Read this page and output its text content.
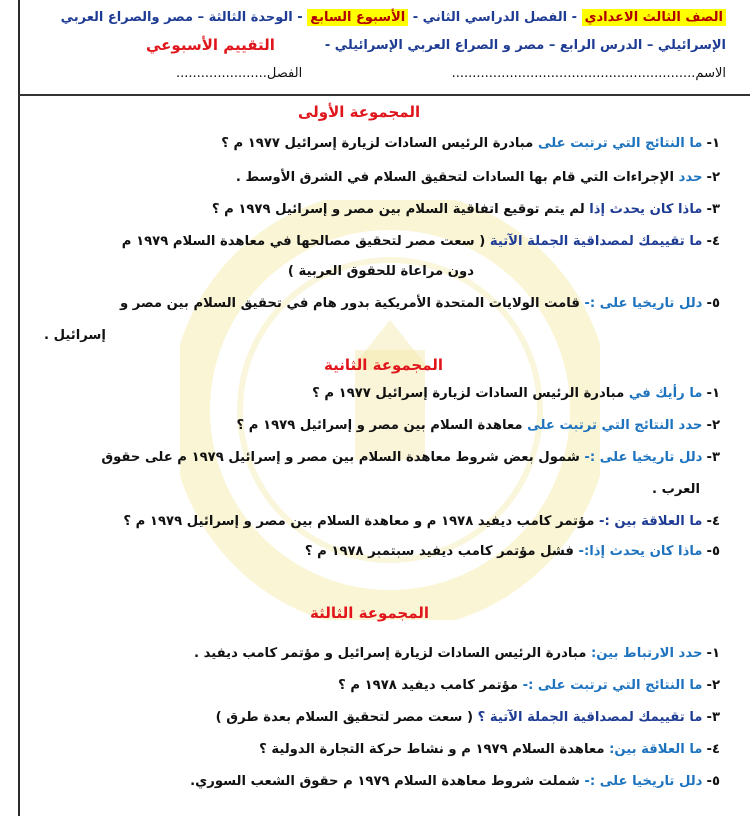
الصف الثالث الاعدادي - الفصل الدراسي الثاني - الأسبوع السابع - الوحدة الثالثة – مصر والصراع العربي
الإسرائيلي – الدرس الرابع – مصر و الصراع العربي الإسرائيلي -
التقييم الأسبوعي
الاسم...........................................................
الفصل......................
المجموعة الأولى
١-ما النتائج التي ترتبت على مبادرة الرئيس السادات لزيارة إسرائيل ١٩٧٧ م ؟
٢-حدد الإجراءات التي قام بها السادات لتحقيق السلام في الشرق الأوسط .
٣-ماذا كان يحدث إذا لم يتم توقيع اتفاقية السلام بين مصر و إسرائيل ١٩٧٩ م ؟
٤-ما تقييمك لمصداقية الجملة الآتية ( سعت مصر لتحقيق مصالحها في معاهدة السلام ١٩٧٩ م
دون مراعاة للحقوق العربية )
٥-دلل تاريخيا على :- قامت الولايات المتحدة الأمريكية بدور هام في تحقيق السلام بين مصر و
إسرائيل .
المجموعة الثانية
١-ما رأيك في مبادرة الرئيس السادات لزيارة إسرائيل ١٩٧٧ م ؟
٢-حدد النتائج التي ترتبت على معاهدة السلام بين مصر و إسرائيل ١٩٧٩ م ؟
٣-دلل تاريخيا على :- شمول بعض شروط معاهدة السلام بين مصر و إسرائيل ١٩٧٩ م على حقوق
العرب .
٤-ما العلاقة بين :- مؤتمر كامب ديفيد ١٩٧٨ م و معاهدة السلام بين مصر و إسرائيل ١٩٧٩ م ؟
٥-ماذا كان يحدث إذا:- فشل مؤتمر كامب ديفيد سبتمبر ١٩٧٨ م ؟
المجموعة الثالثة
١-حدد الارتباط بين: مبادرة الرئيس السادات لزيارة إسرائيل و مؤتمر كامب ديفيد .
٢-ما النتائج التي ترتبت على :- مؤتمر كامب ديفيد ١٩٧٨ م ؟
٣-ما تقييمك لمصداقية الجملة الآتية ؟ ( سعت مصر لتحقيق السلام بعدة طرق )
٤-ما العلاقة بين: معاهدة السلام ١٩٧٩ م و نشاط حركة التجارة الدولية ؟
٥-دلل تاريخيا على :- شملت شروط معاهدة السلام ١٩٧٩ م حقوق الشعب السوري.
